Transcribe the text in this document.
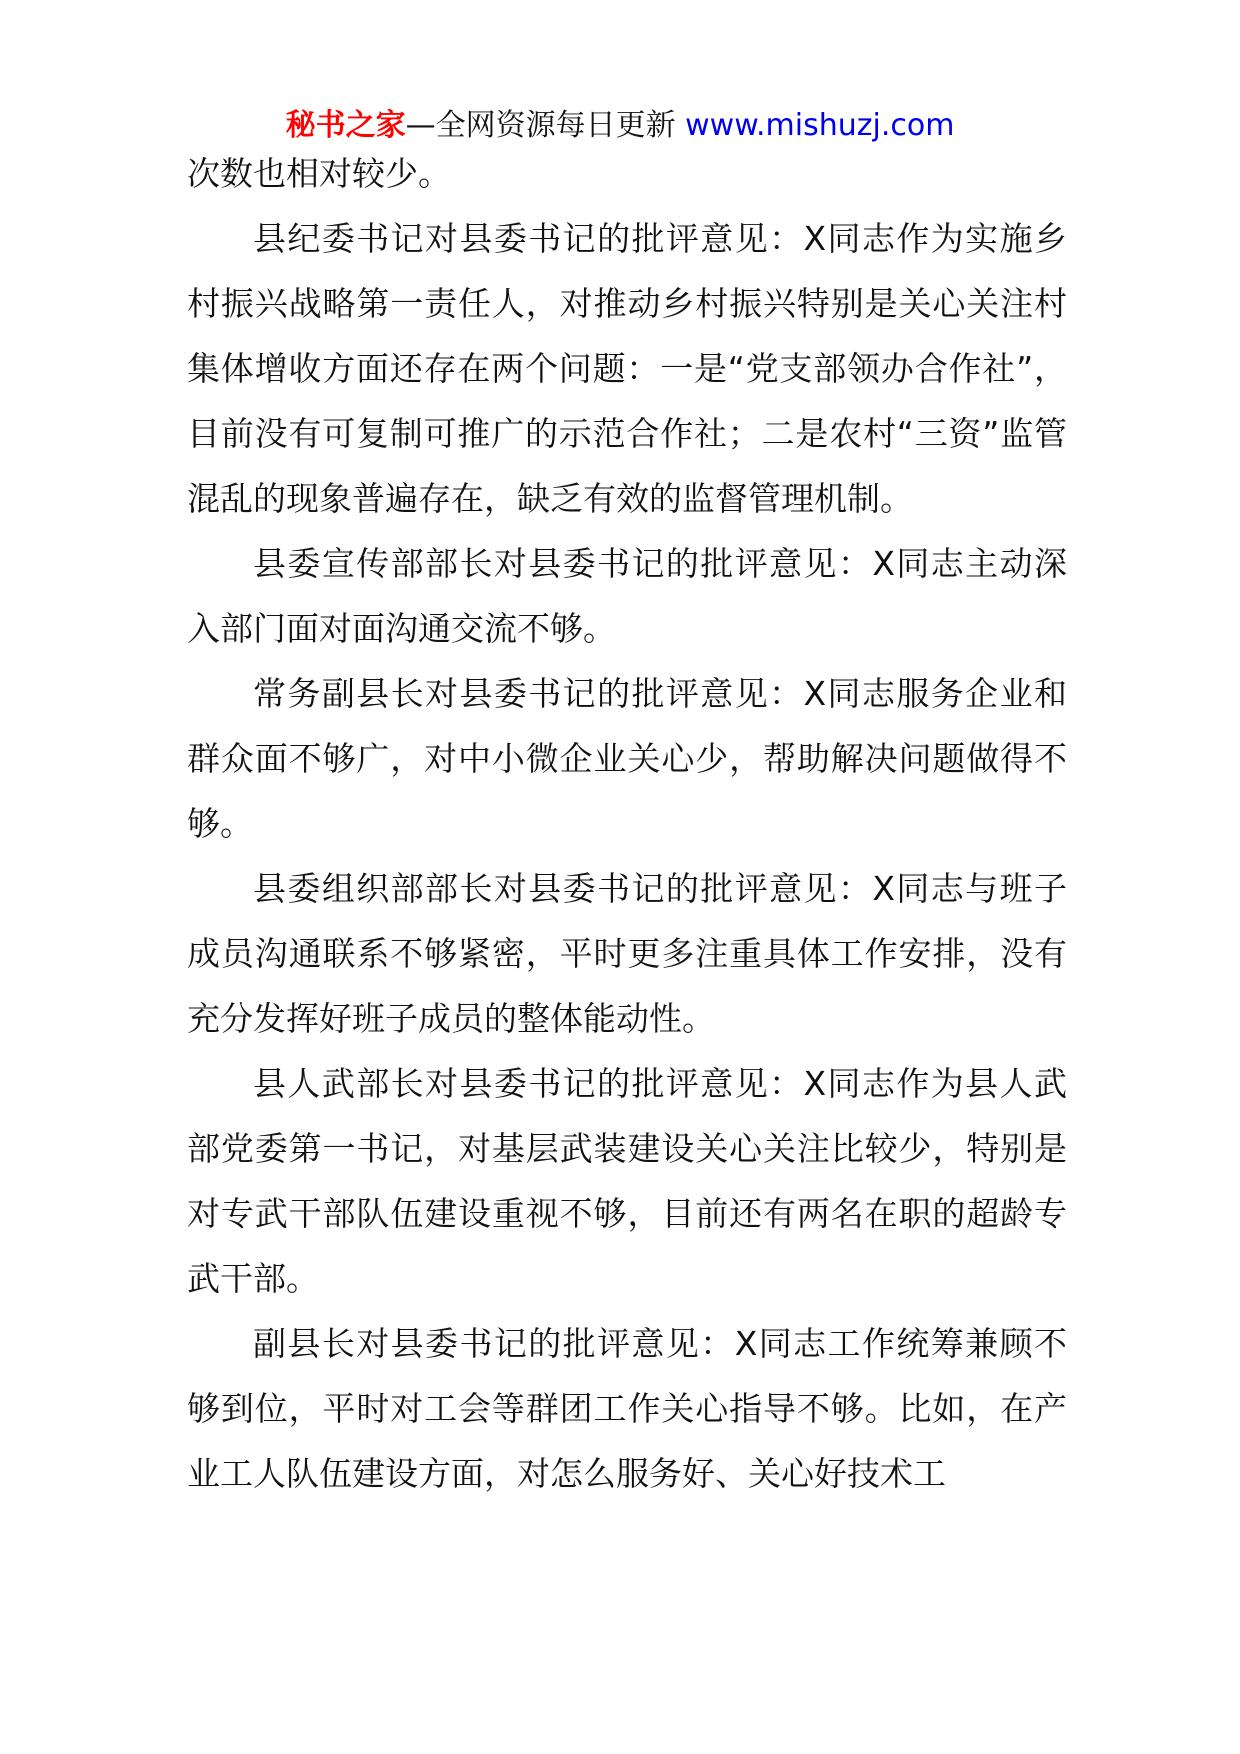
秘书之家—全网资源每日更新 www.mishuzj.com

次数也相对较少。

县纪委书记对县委书记的批评意见：X同志作为实施乡村振兴战略第一责任人，对推动乡村振兴特别是关心关注村集体增收方面还存在两个问题：一是“党支部领办合作社”，目前没有可复制可推广的示范合作社；二是农村“三资”监管混乱的现象普遍存在，缺乏有效的监督管理机制。

县委宣传部部长对县委书记的批评意见：X同志主动深入部门面对面沟通交流不够。

常务副县长对县委书记的批评意见：X同志服务企业和群众面不够广，对中小微企业关心少，帮助解决问题做得不够。

县委组织部部长对县委书记的批评意见：X同志与班子成员沟通联系不够紧密，平时更多注重具体工作安排，没有充分发挥好班子成员的整体能动性。

县人武部长对县委书记的批评意见：X同志作为县人武部党委第一书记，对基层武装建设关心关注比较少，特别是对专武干部队伍建设重视不够，目前还有两名在职的超龄专武干部。

副县长对县委书记的批评意见：X同志工作统筹兼顾不够到位，平时对工会等群团工作关心指导不够。比如，在产业工人队伍建设方面，对怎么服务好、关心好技术工
